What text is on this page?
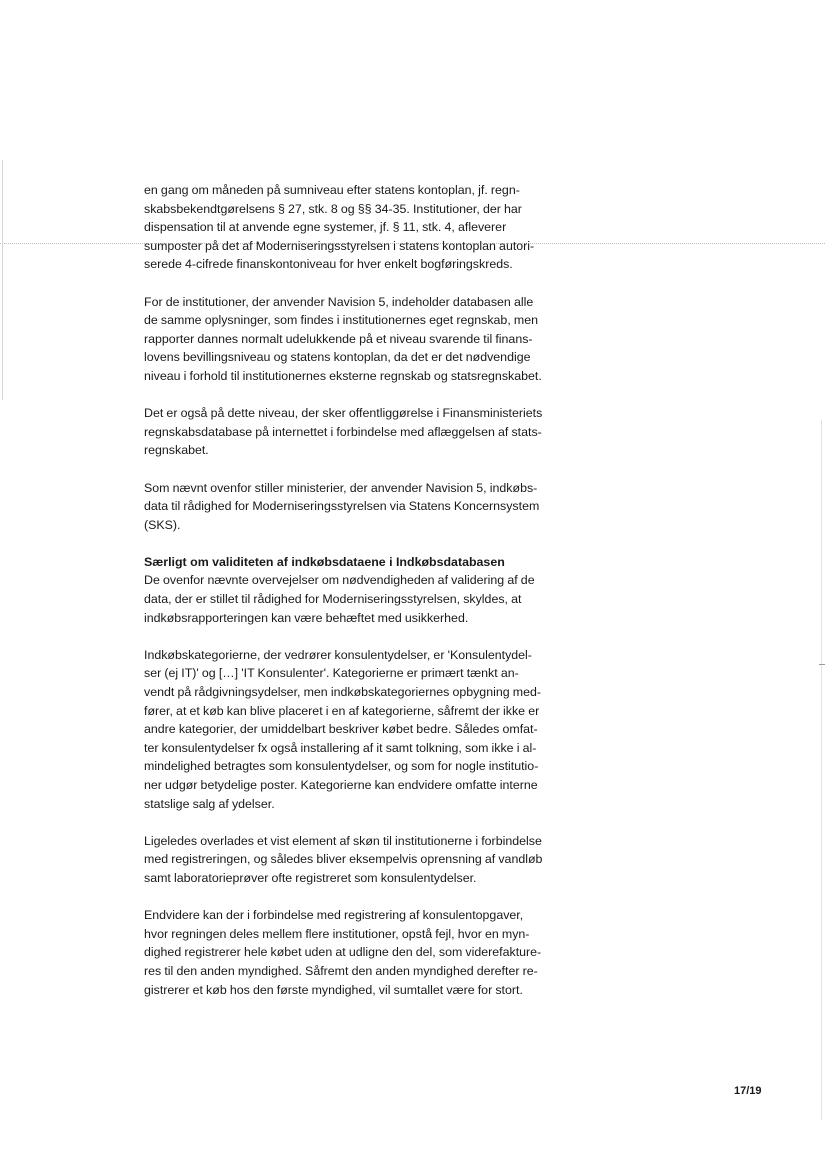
en gang om måneden på sumniveau efter statens kontoplan, jf. regn-
skabsbekendtgørelsens § 27, stk. 8 og §§ 34-35. Institutioner, der har
dispensation til at anvende egne systemer, jf. § 11, stk. 4, afleverer
sumposter på det af Moderniseringsstyrelsen i statens kontoplan autori-
serede 4-cifrede finanskontoniveau for hver enkelt bogføringskreds.

For de institutioner, der anvender Navision 5, indeholder databasen alle
de samme oplysninger, som findes i institutionernes eget regnskab, men
rapporter dannes normalt udelukkende på et niveau svarende til finans-
lovens bevillingsniveau og statens kontoplan, da det er det nødvendige
niveau i forhold til institutionernes eksterne regnskab og statsregnskabet.

Det er også på dette niveau, der sker offentliggørelse i Finansministeriets
regnskabsdatabase på internettet i forbindelse med aflæggelsen af stats-
regnskabet.

Som nævnt ovenfor stiller ministerier, der anvender Navision 5, indkøbs-
data til rådighed for Moderniseringsstyrelsen via Statens Koncernsystem
(SKS).

Særligt om validiteten af indkøbsdataene i Indkøbsdatabasen

De ovenfor nævnte overvejelser om nødvendigheden af validering af de
data, der er stillet til rådighed for Moderniseringsstyrelsen, skyldes, at
indkøbsrapporteringen kan være behæftet med usikkerhed.

Indkøbskategorierne, der vedrører konsulentydelser, er 'Konsulentydel-
ser (ej IT)' og […] 'IT Konsulenter'. Kategorierne er primært tænkt an-
vendt på rådgivningsydelser, men indkøbskategoriernes opbygning med-
fører, at et køb kan blive placeret i en af kategorierne, såfremt der ikke er
andre kategorier, der umiddelbart beskriver købet bedre. Således omfat-
ter konsulentydelser fx også installering af it samt tolkning, som ikke i al-
mindelighed betragtes som konsulentydelser, og som for nogle institutio-
ner udgør betydelige poster. Kategorierne kan endvidere omfatte interne
statslige salg af ydelser.

Ligeledes overlades et vist element af skøn til institutionerne i forbindelse
med registreringen, og således bliver eksempelvis oprensning af vandløb
samt laboratorieprøver ofte registreret som konsulentydelser.

Endvidere kan der i forbindelse med registrering af konsulentopgaver,
hvor regningen deles mellem flere institutioner, opstå fejl, hvor en myn-
dighed registrerer hele købet uden at udligne den del, som viderefakture-
res til den anden myndighed. Såfremt den anden myndighed derefter re-
gistrerer et køb hos den første myndighed, vil sumtallet være for stort.

17/19
